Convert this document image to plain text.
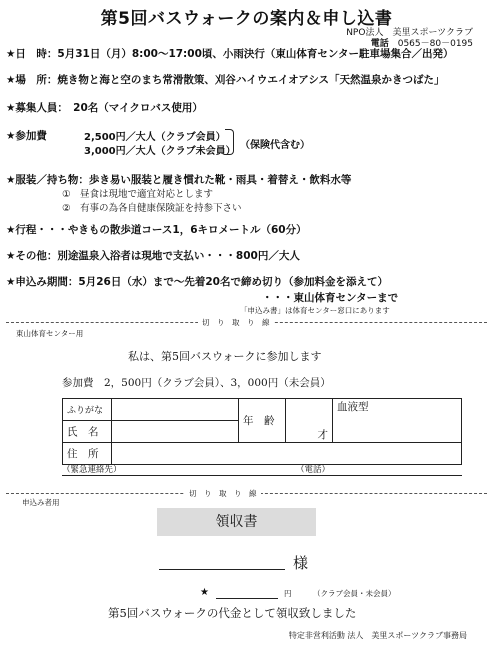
第5回バスウォークの案内＆申し込書
NPO法人　美里スポーツクラブ
電話　 0565－80－0195
★日　時：5月31日（月）8:00～17:00頃、小雨決行（東山体育センター駐車場集合／出発）
★場　所：焼き物と海と空のまち常滑散策、刈谷ハイウエイオアシス「天然温泉かきつばた」
★募集人員：　20名（マイクロバス使用）
★参加費	2,500円／大人（クラブ会員）
3,000円／大人（クラブ未会員）
（保険代含む）
★服装／持ち物：歩き易い服装と履き慣れた靴・雨具・着替え・飲料水等
①　昼食は現地で適宜対応とします
②　有事の為各自健康保険証を持参下さい
★行程・・・やきもの散歩道コース1，6キロメートル（60分）
★その他：別途温泉入浴者は現地で支払い・・・800円／大人
★申込み期間：5月26日（水）まで～先着20名で締め切り（参加料金を添えて）
・・・東山体育センターまで
「申込み書」は体育センター窓口にあります
切　り　取　り　線
東山体育センター用
私は、第5回バスウォークに参加します
参加費　2，500円（クラブ会員）、3，000円（未会員）
ふりがな		年　齢	才	血液型
氏　名				
住　所				
（緊急連絡先）	（電話）
切　り　取　り　線
申込み者用
領収書
様
★	円	（クラブ会員・未会員）
第5回バスウォークの代金として領収致しました
特定非営利活動 法人　美里スポーツクラブ事務局
